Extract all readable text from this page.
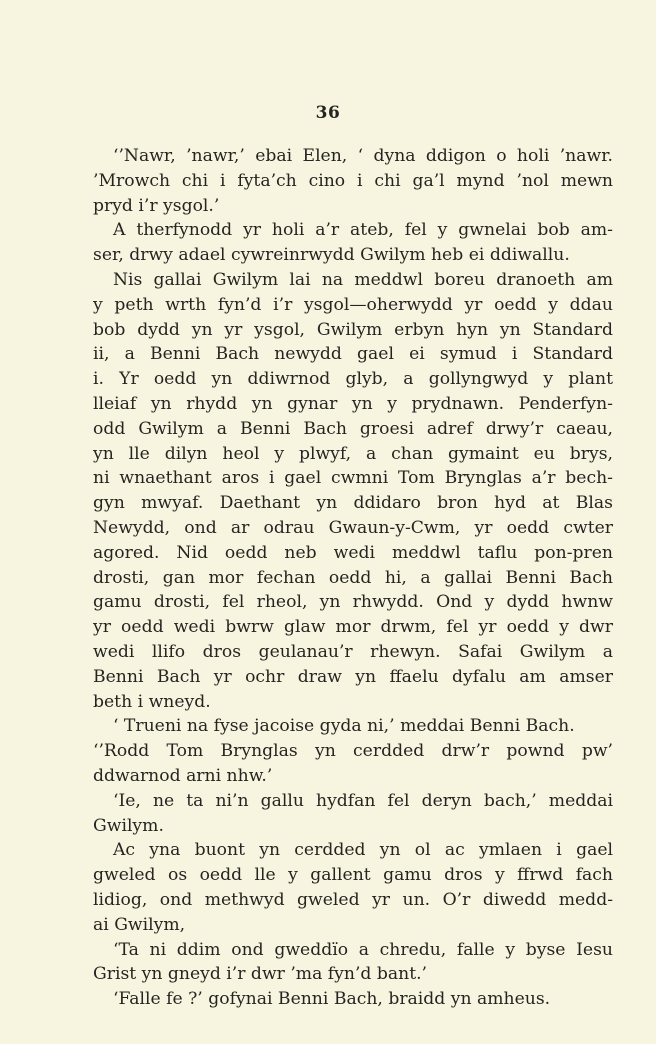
36
‘’Nawr, ’nawr,’ ebai Elen, ‘ dyna ddigon o holi ’nawr.
’Mrowch chi i fyta’ch cino i chi ga’l mynd ’nol mewn
pryd i’r ysgol.’
A therfynodd yr holi a’r ateb, fel y gwnelai bob am-
ser, drwy adael cywreinrwydd Gwilym heb ei ddiwallu.
Nis gallai Gwilym lai na meddwl boreu dranoeth am
y peth wrth fyn’d i’r ysgol—oherwydd yr oedd y ddau
bob dydd yn yr ysgol, Gwilym erbyn hyn yn Standard
ii, a Benni Bach newydd gael ei symud i Standard
i. Yr oedd yn ddiwrnod glyb, a gollyngwyd y plant
lleiaf yn rhydd yn gynar yn y prydnawn. Penderfyn-
odd Gwilym a Benni Bach groesi adref drwy’r caeau,
yn lle dilyn heol y plwyf, a chan gymaint eu brys,
ni wnaethant aros i gael cwmni Tom Brynglas a’r bech-
gyn mwyaf. Daethant yn ddidaro bron hyd at Blas
Newydd, ond ar odrau Gwaun-y-Cwm, yr oedd cwter
agored. Nid oedd neb wedi meddwl taflu pon-pren
drosti, gan mor fechan oedd hi, a gallai Benni Bach
gamu drosti, fel rheol, yn rhwydd. Ond y dydd hwnw
yr oedd wedi bwrw glaw mor drwm, fel yr oedd y dwr
wedi llifo dros geulanau’r rhewyn. Safai Gwilym a
Benni Bach yr ochr draw yn ffaelu dyfalu am amser
beth i wneyd.
‘ Trueni na fyse jacoise gyda ni,’ meddai Benni Bach.
‘’Rodd Tom Brynglas yn cerdded drw’r pownd pw’
ddwarnod arni nhw.’
‘Ie, ne ta ni’n gallu hydfan fel deryn bach,’ meddai
Gwilym.
Ac yna buont yn cerdded yn ol ac ymlaen i gael
gweled os oedd lle y gallent gamu dros y ffrwd fach
lidiog, ond methwyd gweled yr un. O’r diwedd medd-
ai Gwilym,
‘Ta ni ddim ond gweddïo a chredu, falle y byse Iesu
Grist yn gneyd i’r dwr ’ma fyn’d bant.’
‘Falle fe ?’ gofynai Benni Bach, braidd yn amheus.
